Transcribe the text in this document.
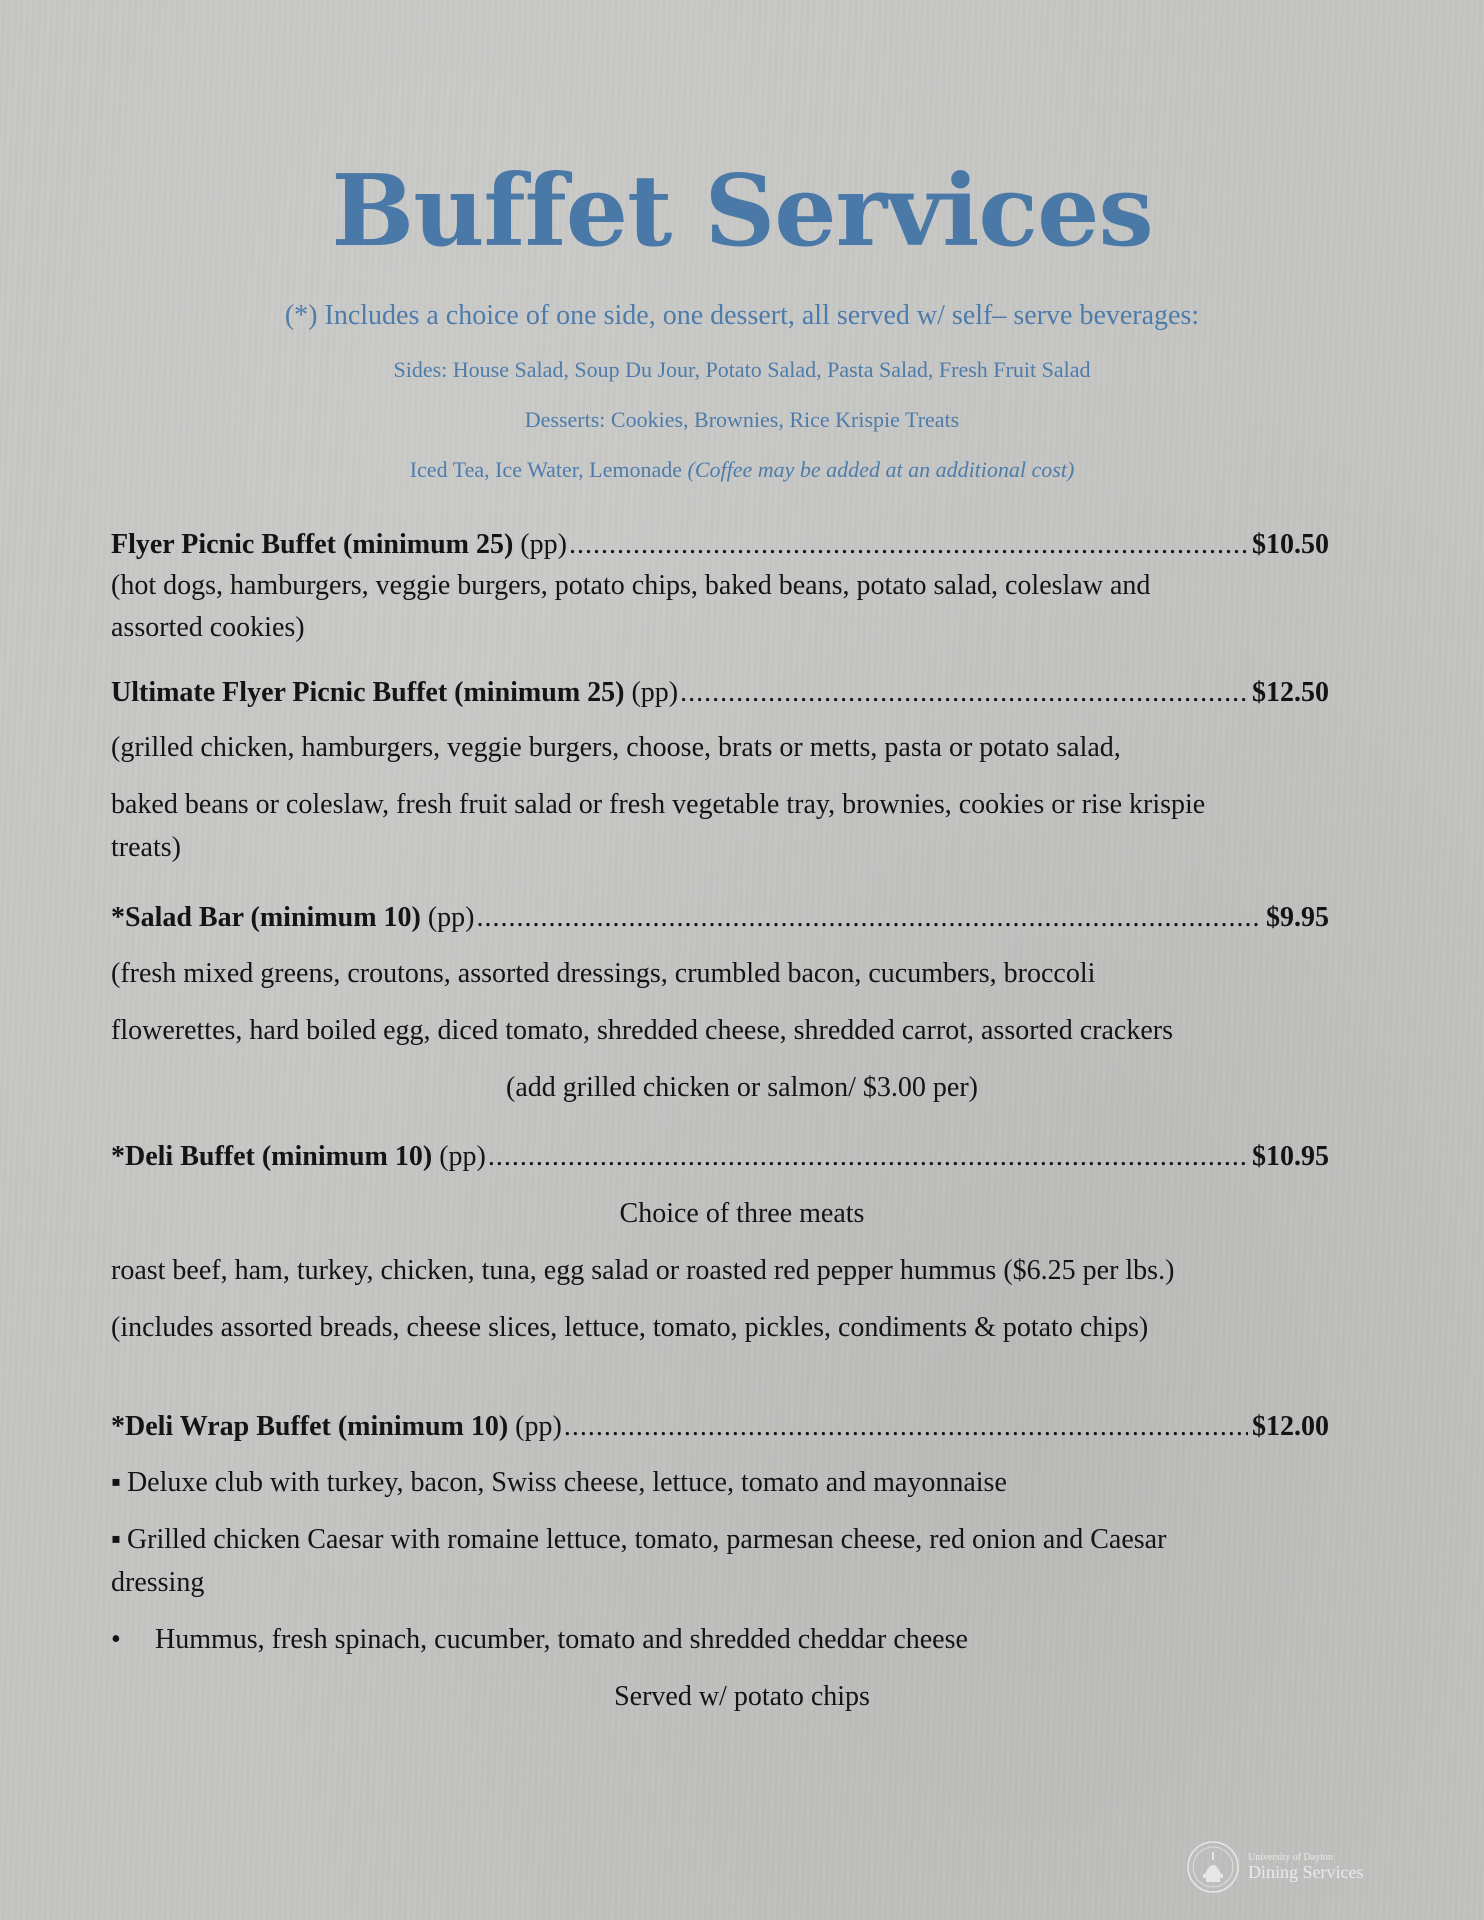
Buffet Services
(*) Includes a choice of one side, one dessert, all served w/ self– serve beverages:
Sides: House Salad, Soup Du Jour, Potato Salad, Pasta Salad, Fresh Fruit Salad
Desserts: Cookies, Brownies, Rice Krispie Treats
Iced Tea, Ice Water, Lemonade (Coffee may be added at an additional cost)
Flyer Picnic Buffet (minimum 25) (pp) .....	$10.50
(hot dogs, hamburgers, veggie burgers, potato chips, baked beans, potato salad, coleslaw and
assorted cookies)
Ultimate Flyer Picnic Buffet (minimum 25) (pp) .....	$12.50
(grilled chicken, hamburgers, veggie burgers, choose, brats or metts, pasta or potato salad,
baked beans or coleslaw, fresh fruit salad or fresh vegetable tray, brownies, cookies or rise krispie
treats)
*Salad Bar (minimum 10) (pp) .....	$9.95
(fresh mixed greens, croutons, assorted dressings, crumbled bacon, cucumbers, broccoli
flowerettes, hard boiled egg, diced tomato, shredded cheese, shredded carrot, assorted crackers
(add grilled chicken or salmon/ $3.00 per)
*Deli Buffet (minimum 10) (pp) .....	$10.95
Choice of three meats
roast beef, ham, turkey, chicken, tuna, egg salad or roasted red pepper hummus ($6.25 per lbs.)
(includes assorted breads, cheese slices, lettuce, tomato, pickles, condiments & potato chips)
*Deli Wrap Buffet (minimum 10) (pp) .....	$12.00
▪ Deluxe club with turkey, bacon, Swiss cheese, lettuce, tomato and mayonnaise
▪ Grilled chicken Caesar with romaine lettuce, tomato, parmesan cheese, red onion and Caesar
dressing
• Hummus, fresh spinach, cucumber, tomato and shredded cheddar cheese
Served w/ potato chips
University of Dayton
Dining Services
